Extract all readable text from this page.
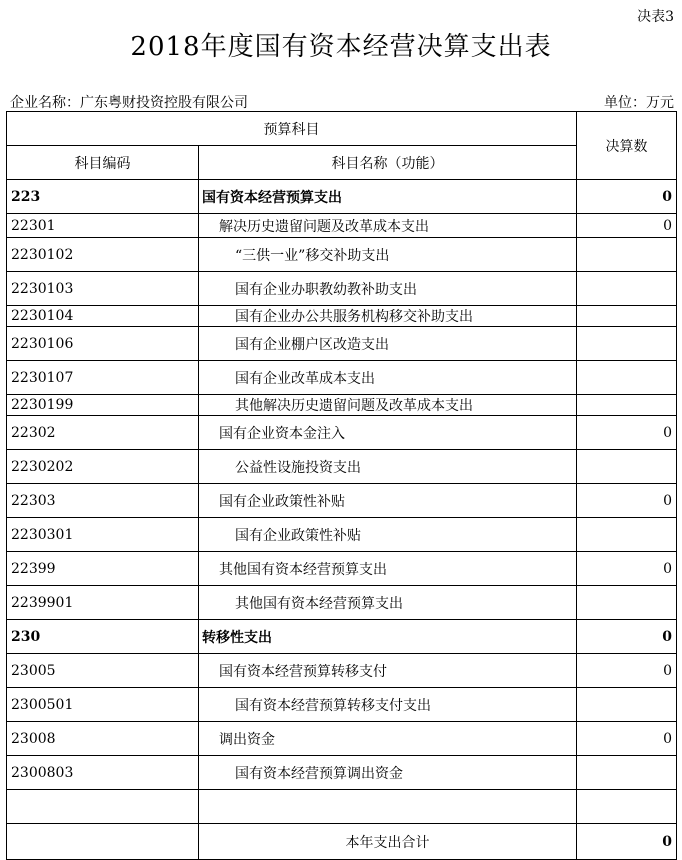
决表3
2018年度国有资本经营决算支出表
企业名称：广东粤财投资控股有限公司	单位：万元
预算科目		决算数
科目编码	科目名称（功能）	
223	国有资本经营预算支出	0
22301	解决历史遗留问题及改革成本支出	0
2230102	“三供一业”移交补助支出	
2230103	国有企业办职教幼教补助支出	
2230104	国有企业办公共服务机构移交补助支出	
2230106	国有企业棚户区改造支出	
2230107	国有企业改革成本支出	
2230199	其他解决历史遗留问题及改革成本支出	
22302	国有企业资本金注入	0
2230202	公益性设施投资支出	
22303	国有企业政策性补贴	0
2230301	国有企业政策性补贴	
22399	其他国有资本经营预算支出	0
2239901	其他国有资本经营预算支出	
230	转移性支出	0
23005	国有资本经营预算转移支付	0
2300501	国有资本经营预算转移支付支出	
23008	调出资金	0
2300803	国有资本经营预算调出资金	

	本年支出合计	0
